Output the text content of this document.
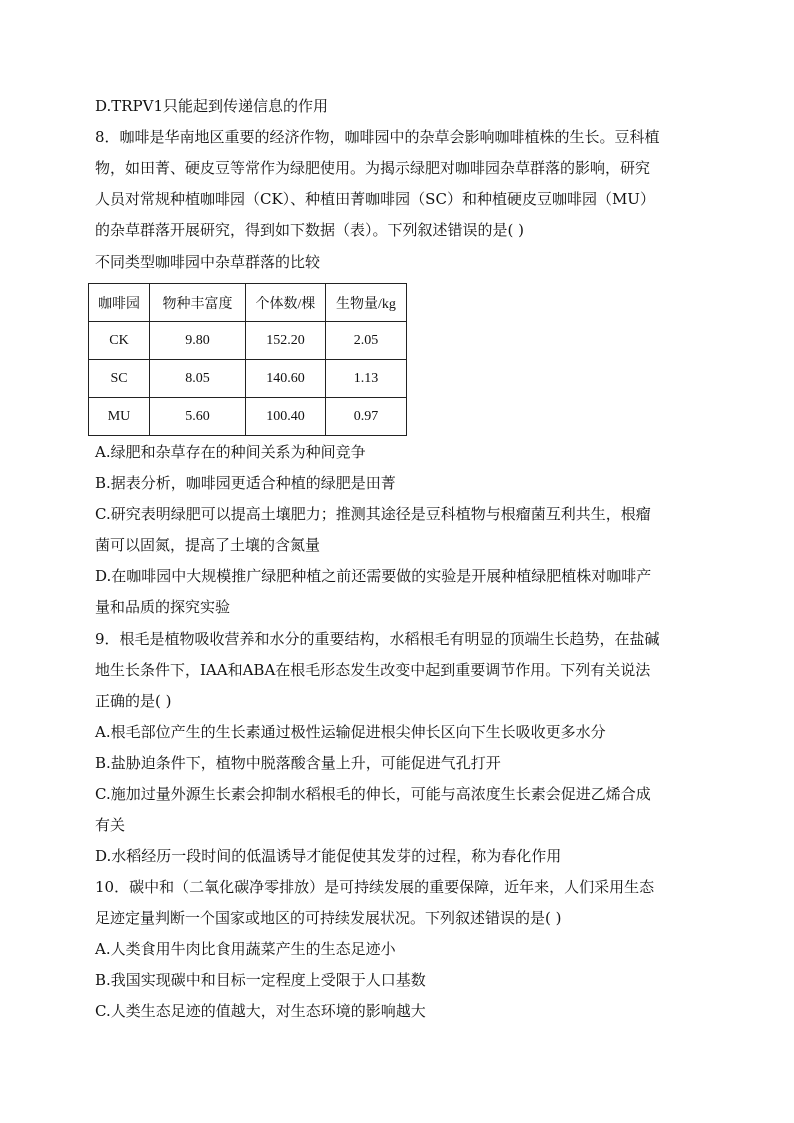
D.TRPV1只能起到传递信息的作用
8．咖啡是华南地区重要的经济作物，咖啡园中的杂草会影响咖啡植株的生长。豆科植
物，如田菁、硬皮豆等常作为绿肥使用。为揭示绿肥对咖啡园杂草群落的影响，研究
人员对常规种植咖啡园（CK）、种植田菁咖啡园（SC）和种植硬皮豆咖啡园（MU）
的杂草群落开展研究，得到如下数据（表）。下列叙述错误的是( )
不同类型咖啡园中杂草群落的比较
咖啡园	物种丰富度	个体数/棵	生物量/kg
CK	9.80	152.20	2.05
SC	8.05	140.60	1.13
MU	5.60	100.40	0.97
A.绿肥和杂草存在的种间关系为种间竞争
B.据表分析，咖啡园更适合种植的绿肥是田菁
C.研究表明绿肥可以提高土壤肥力；推测其途径是豆科植物与根瘤菌互利共生，根瘤
菌可以固氮，提高了土壤的含氮量
D.在咖啡园中大规模推广绿肥种植之前还需要做的实验是开展种植绿肥植株对咖啡产
量和品质的探究实验
9．根毛是植物吸收营养和水分的重要结构，水稻根毛有明显的顶端生长趋势，在盐碱
地生长条件下，IAA和ABA在根毛形态发生改变中起到重要调节作用。下列有关说法
正确的是( )
A.根毛部位产生的生长素通过极性运输促进根尖伸长区向下生长吸收更多水分
B.盐胁迫条件下，植物中脱落酸含量上升，可能促进气孔打开
C.施加过量外源生长素会抑制水稻根毛的伸长，可能与高浓度生长素会促进乙烯合成
有关
D.水稻经历一段时间的低温诱导才能促使其发芽的过程，称为春化作用
10．碳中和（二氧化碳净零排放）是可持续发展的重要保障，近年来，人们采用生态
足迹定量判断一个国家或地区的可持续发展状况。下列叙述错误的是( )
A.人类食用牛肉比食用蔬菜产生的生态足迹小
B.我国实现碳中和目标一定程度上受限于人口基数
C.人类生态足迹的值越大，对生态环境的影响越大
